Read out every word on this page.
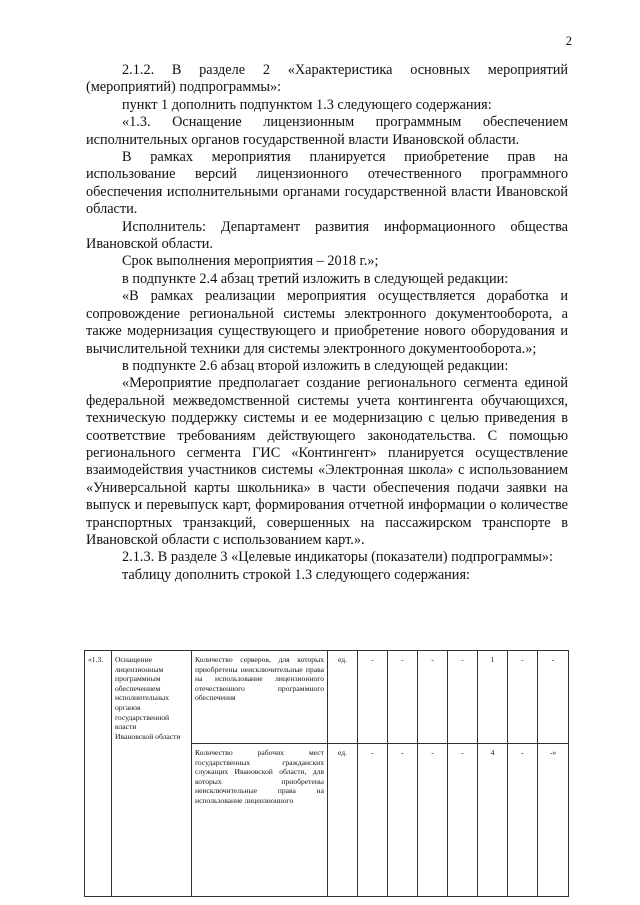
2

2.1.2. В разделе 2 «Характеристика основных мероприятий (мероприятий) подпрограммы»:

пункт 1 дополнить подпунктом 1.3 следующего содержания:

«1.3. Оснащение лицензионным программным обеспечением исполнительных органов государственной власти Ивановской области.

В рамках мероприятия планируется приобретение прав на использование версий лицензионного отечественного программного обеспечения исполнительными органами государственной власти Ивановской области.

Исполнитель: Департамент развития информационного общества Ивановской области.

Срок выполнения мероприятия – 2018 г.»;

в подпункте 2.4 абзац третий изложить в следующей редакции:

«В рамках реализации мероприятия осуществляется доработка и сопровождение региональной системы электронного документооборота, а также модернизация существующего и приобретение нового оборудования и вычислительной техники для системы электронного документооборота.»;

в подпункте 2.6 абзац второй изложить в следующей редакции:

«Мероприятие предполагает создание регионального сегмента единой федеральной межведомственной системы учета контингента обучающихся, техническую поддержку системы и ее модернизацию с целью приведения в соответствие требованиям действующего законодательства. С помощью регионального сегмента ГИС «Контингент» планируется осуществление взаимодействия участников системы «Электронная школа» с использованием «Универсальной карты школьника» в части обеспечения подачи заявки на выпуск и перевыпуск карт, формирования отчетной информации о количестве транспортных транзакций, совершенных на пассажирском транспорте в Ивановской области с использованием карт.».

2.1.3. В разделе 3 «Целевые индикаторы (показатели) подпрограммы»:

таблицу дополнить строкой 1.3 следующего содержания:

«1.3.	Оснащение лицензионным программным обеспечением исполнительных органов государственной власти
Ивановской области	Количество серверов, для которых приобретены неисключительные права на использование лицензионного отечественного программного обеспечения	ед.	-	-	-	-	1	-	-
		Количество рабочих мест государственных гражданских служащих Ивановской области, для которых приобретены неисключительные права на использование лицензионного	ед.	-	-	-	-	4	-	-»
